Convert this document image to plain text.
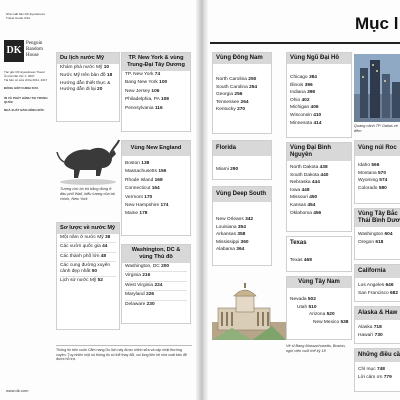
Nhà xuất bản DK Eyewitness Travel Guide USA
DK
Penguin Random House
Tác giả: DK Eyewitness Travel
Ấn bản lần thứ 1: 2007
Tái bản có sửa chữa 2011, 2017
ĐÓNG GÓP CHỈNH SỬA
IN VÀ PHÁT HÀNH TẠI TRUNG QUỐC
NHÀ XUẤT BẢN HỒNG ĐỨC
www.dk.com
Du lịch nước Mỹ
Khám phá nước Mỹ 10
Nước Mỹ trên bản đồ 18
Hướng dẫn thiết thực & Hướng dẫn đi lại 20
Tượng chú bò tót bằng đồng ở đầu phố Wall, biểu tượng của tài chính, New York
Sơ lược về nước Mỹ
Một năm ở nước Mỹ 38
Các vườn quốc gia 44
Các thành phố lớn 48
Các cung đường xuyên cảnh đẹp nhất 50
Lịch sử nước Mỹ 52
TP. New York & vùng Trung-Đại Tây Dương
TP. New York 74
Bang New York 100
New Jersey 106
Philadelphia, PA 108
Pennsylvania 116
Vùng New England
Boston 138
Massachusetts 156
Rhode Island 168
Connecticut 164
Vermont 170
New Hampshire 174
Maine 178
Washington, DC & vùng Thủ đô
Washington, DC 200
Virginia 216
West Virginia 224
Maryland 226
Delaware 230
Thông tin trên cuốn Cẩm nang Du lịch này được chỉnh sửa và cập nhật thường xuyên. Tuy nhiên một số thông tin có thể thay đổi, vui lòng liên hệ nhà xuất bản để được hỗ trợ.
Mục l
Vùng Đông Nam
North Carolina 250
South Carolina 254
Georgia 256
Tennessee 264
Kentucky 270
Florida
Miami 290
Vùng Deep South
New Orleans 342
Louisiana 354
Arkansas 358
Mississippi 360
Alabama 364
Vùng Ngũ Đại Hồ
Chicago 384
Illinois 396
Indiana 398
Ohio 402
Michigan 406
Wisconsin 410
Minnesota 414
Vùng Đại Bình Nguyên
North Dakota 438
South Dakota 440
Nebraska 444
Iowa 448
Missouri 450
Kansas 454
Oklahoma 456
Texas
Texas 468
Vùng Tây Nam
Nevada 502
Utah 510
Arizona 520
New Mexico 538
Vệ sĩ Bang Massachusetts, Boston, nghị viện cuối thế kỷ 18
Quang cảnh TP. Dallas về đêm
Vùng núi Roc
Idaho 566
Montana 570
Wyoming 574
Colorado 580
Vùng Tây Bắc Thái Bình Dươ
Washington 604
Oregon 618
California
Los Angeles 646
San Francisco 682
Alaska & Haw
Alaska 718
Hawai'i 730
Những điều cầ
Chỉ mục 748
Lời cảm ơn 779
